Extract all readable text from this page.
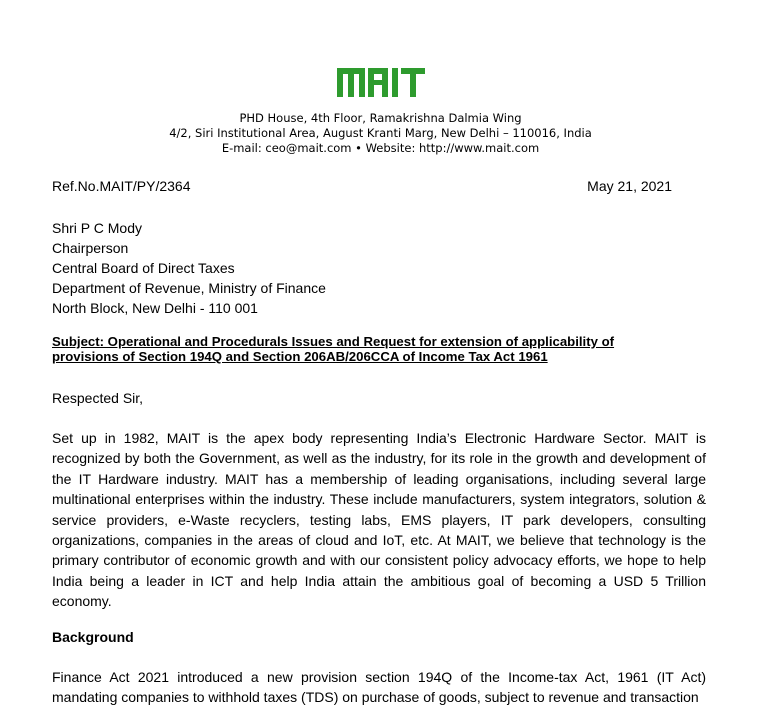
PHD House, 4th Floor, Ramakrishna Dalmia Wing
4/2, Siri Institutional Area, August Kranti Marg, New Delhi – 110016, India
E-mail: ceo@mait.com • Website: http://www.mait.com
Ref.No.MAIT/PY/2364	May 21, 2021
Shri P C Mody
Chairperson
Central Board of Direct Taxes
Department of Revenue, Ministry of Finance
North Block, New Delhi - 110 001
Subject: Operational and Procedurals Issues and Request for extension of applicability of
provisions of Section 194Q and Section 206AB/206CCA of Income Tax Act 1961
Respected Sir,
Set up in 1982, MAIT is the apex body representing India’s Electronic Hardware Sector. MAIT is recognized by both the Government, as well as the industry, for its role in the growth and development of the IT Hardware industry. MAIT has a membership of leading organisations, including several large multinational enterprises within the industry. These include manufacturers, system integrators, solution & service providers, e-Waste recyclers, testing labs, EMS players, IT park developers, consulting organizations, companies in the areas of cloud and IoT, etc. At MAIT, we believe that technology is the primary contributor of economic growth and with our consistent policy advocacy efforts, we hope to help India being a leader in ICT and help India attain the ambitious goal of becoming a USD 5 Trillion economy.
Background
Finance Act 2021 introduced a new provision section 194Q of the Income-tax Act, 1961 (IT Act) mandating companies to withhold taxes (TDS) on purchase of goods, subject to revenue and transaction
